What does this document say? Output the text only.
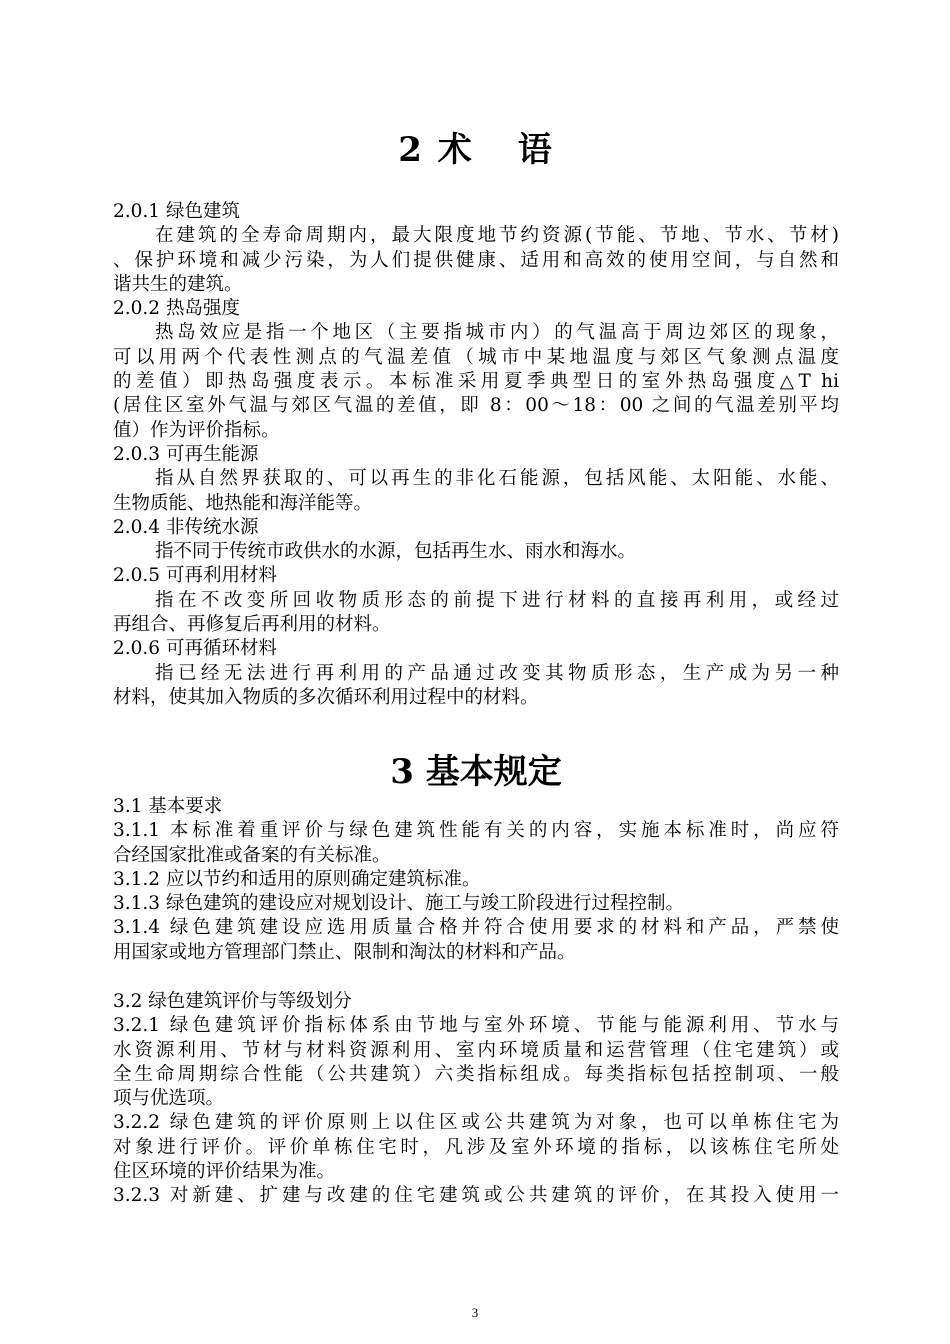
2 术 语
2.0.1 绿色建筑
在建筑的全寿命周期内，最大限度地节约资源(节能、节地、节水、节材)
、保护环境和减少污染，为人们提供健康、适用和高效的使用空间，与自然和
谐共生的建筑。
2.0.2 热岛强度
热岛效应是指一个地区（主要指城市内）的气温高于周边郊区的现象，
可以用两个代表性测点的气温差值（城市中某地温度与郊区气象测点温度
的差值）即热岛强度表示。本标准采用夏季典型日的室外热岛强度△T hi
(居住区室外气温与郊区气温的差值，即 8：00～18：00 之间的气温差别平均
值）作为评价指标。
2.0.3 可再生能源
指从自然界获取的、可以再生的非化石能源，包括风能、太阳能、水能、
生物质能、地热能和海洋能等。
2.0.4 非传统水源
指不同于传统市政供水的水源，包括再生水、雨水和海水。
2.0.5 可再利用材料
指在不改变所回收物质形态的前提下进行材料的直接再利用，或经过
再组合、再修复后再利用的材料。
2.0.6 可再循环材料
指已经无法进行再利用的产品通过改变其物质形态，生产成为另一种
材料，使其加入物质的多次循环利用过程中的材料。
3 基本规定
3.1 基本要求
3.1.1 本标准着重评价与绿色建筑性能有关的内容，实施本标准时，尚应符
合经国家批准或备案的有关标准。
3.1.2 应以节约和适用的原则确定建筑标准。
3.1.3 绿色建筑的建设应对规划设计、施工与竣工阶段进行过程控制。
3.1.4 绿色建筑建设应选用质量合格并符合使用要求的材料和产品，严禁使
用国家或地方管理部门禁止、限制和淘汰的材料和产品。
3.2 绿色建筑评价与等级划分
3.2.1 绿色建筑评价指标体系由节地与室外环境、节能与能源利用、节水与
水资源利用、节材与材料资源利用、室内环境质量和运营管理（住宅建筑）或
全生命周期综合性能（公共建筑）六类指标组成。每类指标包括控制项、一般
项与优选项。
3.2.2 绿色建筑的评价原则上以住区或公共建筑为对象，也可以单栋住宅为
对象进行评价。评价单栋住宅时，凡涉及室外环境的指标，以该栋住宅所处
住区环境的评价结果为准。
3.2.3 对新建、扩建与改建的住宅建筑或公共建筑的评价，在其投入使用一
3
